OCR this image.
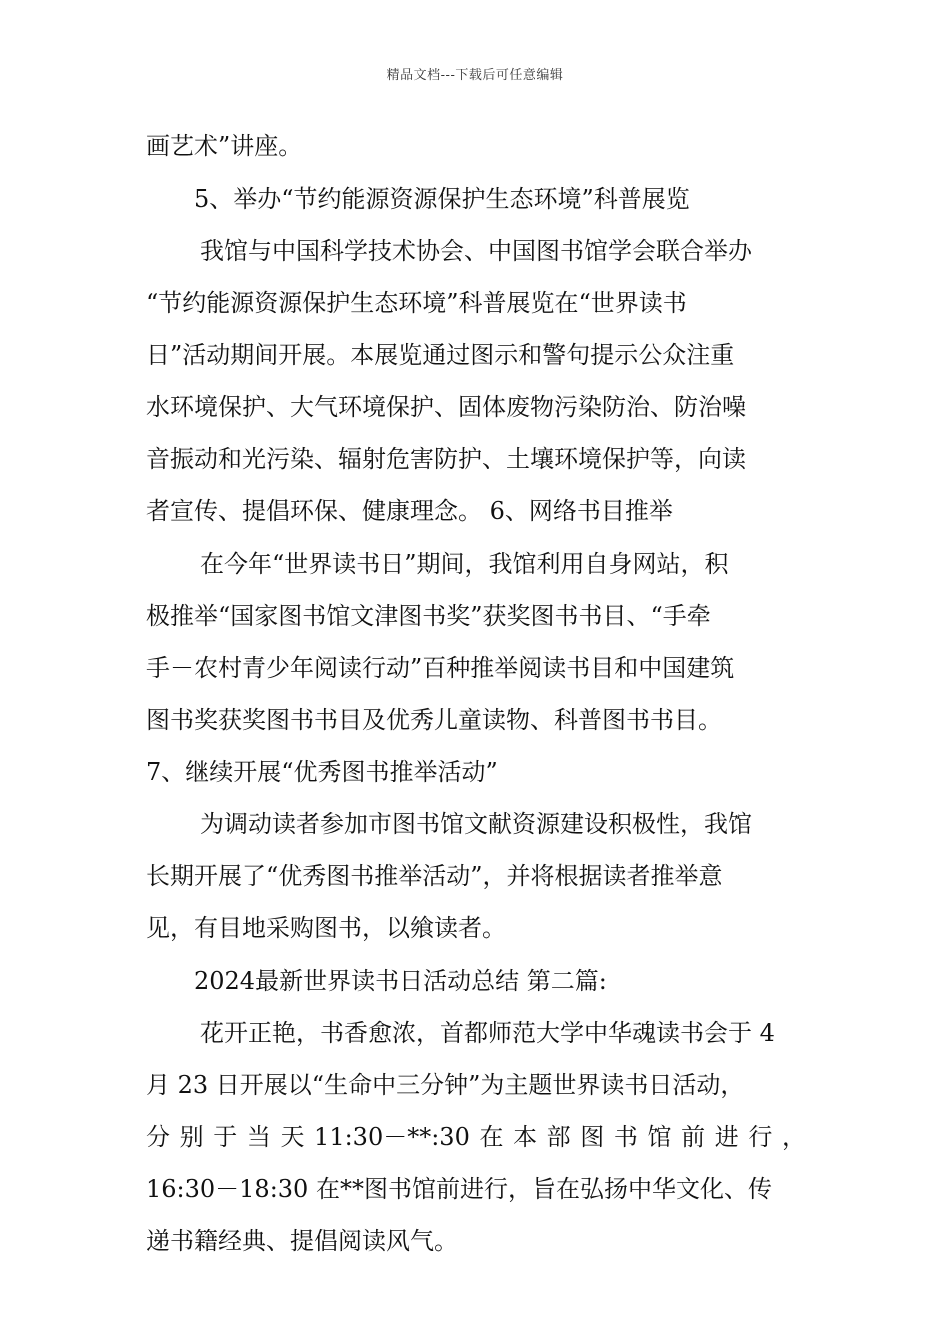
精品文档---下载后可任意编辑
画艺术”讲座。
5、举办“节约能源资源保护生态环境”科普展览
我馆与中国科学技术协会、中国图书馆学会联合举办
“节约能源资源保护生态环境”科普展览在“世界读书
日”活动期间开展。本展览通过图示和警句提示公众注重
水环境保护、大气环境保护、固体废物污染防治、防治噪
音振动和光污染、辐射危害防护、土壤环境保护等，向读
者宣传、提倡环保、健康理念。 6、网络书目推举
在今年“世界读书日”期间，我馆利用自身网站，积
极推举“国家图书馆文津图书奖”获奖图书书目、“手牵
手－农村青少年阅读行动”百种推举阅读书目和中国建筑
图书奖获奖图书书目及优秀儿童读物、科普图书书目。
7、继续开展“优秀图书推举活动”
为调动读者参加市图书馆文献资源建设积极性，我馆
长期开展了“优秀图书推举活动”，并将根据读者推举意
见，有目地采购图书，以飨读者。
2024最新世界读书日活动总结 第二篇:
花开正艳，书香愈浓，首都师范大学中华魂读书会于 4
月 23 日开展以“生命中三分钟”为主题世界读书日活动，
分 别 于 当 天 11:30－**:30 在 本 部 图 书 馆 前 进 行 ，
16:30－18:30 在**图书馆前进行，旨在弘扬中华文化、传
递书籍经典、提倡阅读风气。
